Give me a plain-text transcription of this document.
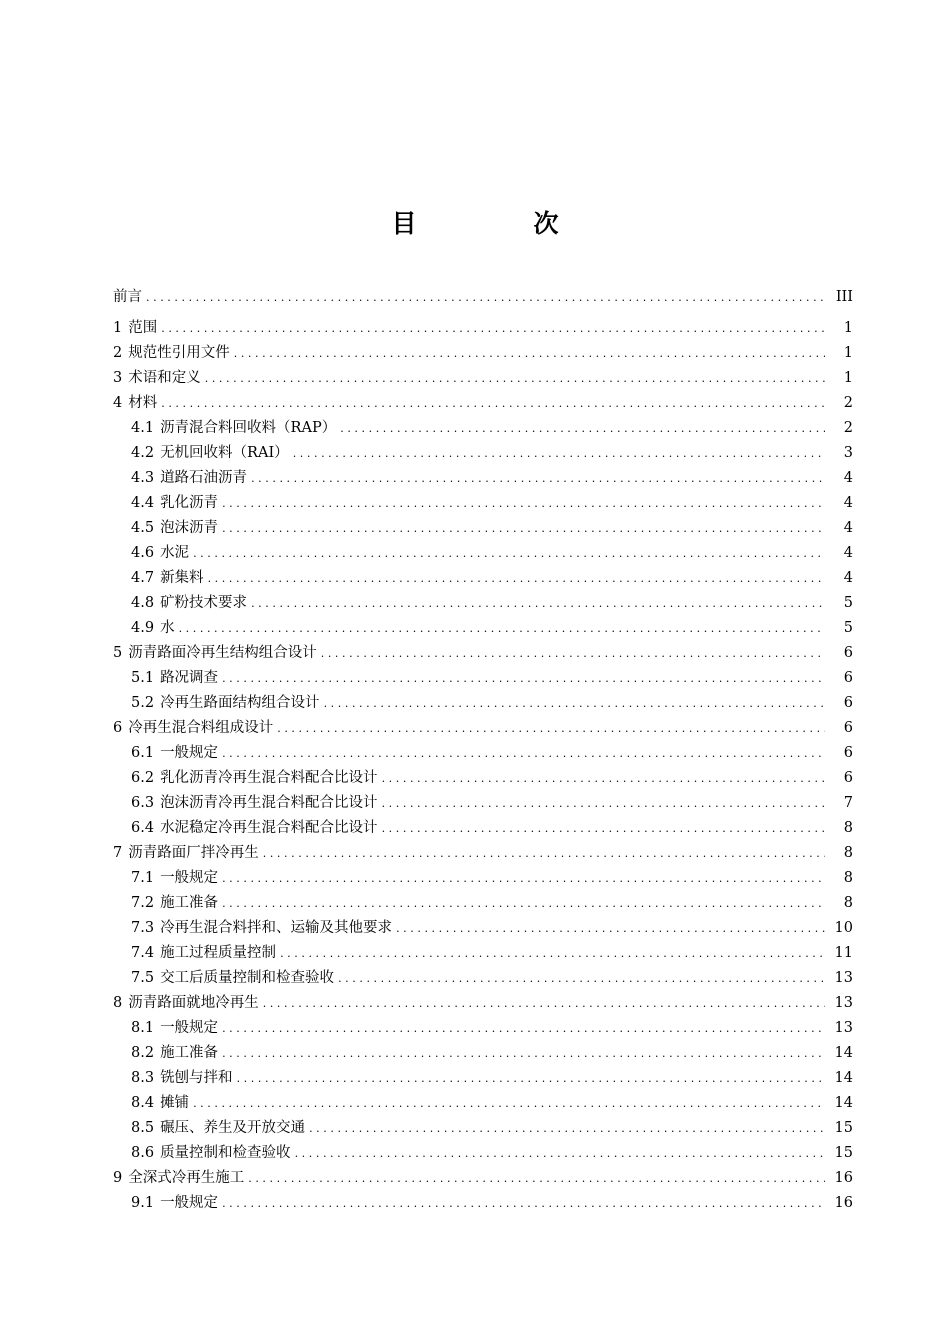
目　次
前言 .....	III
1 范围 .....	1
2 规范性引用文件 .....	1
3 术语和定义 .....	1
4 材料 .....	2
4.1 沥青混合料回收料（RAP） .....	2
4.2 无机回收料（RAI） .....	3
4.3 道路石油沥青 .....	4
4.4 乳化沥青 .....	4
4.5 泡沫沥青 .....	4
4.6 水泥 .....	4
4.7 新集料 .....	4
4.8 矿粉技术要求 .....	5
4.9 水 .....	5
5 沥青路面冷再生结构组合设计 .....	6
5.1 路况调查 .....	6
5.2 冷再生路面结构组合设计 .....	6
6 冷再生混合料组成设计 .....	6
6.1 一般规定 .....	6
6.2 乳化沥青冷再生混合料配合比设计 .....	6
6.3 泡沫沥青冷再生混合料配合比设计 .....	7
6.4 水泥稳定冷再生混合料配合比设计 .....	8
7 沥青路面厂拌冷再生 .....	8
7.1 一般规定 .....	8
7.2 施工准备 .....	8
7.3 冷再生混合料拌和、运输及其他要求 .....	10
7.4 施工过程质量控制 .....	11
7.5 交工后质量控制和检查验收 .....	13
8 沥青路面就地冷再生 .....	13
8.1 一般规定 .....	13
8.2 施工准备 .....	14
8.3 铣刨与拌和 .....	14
8.4 摊铺 .....	14
8.5 碾压、养生及开放交通 .....	15
8.6 质量控制和检查验收 .....	15
9 全深式冷再生施工 .....	16
9.1 一般规定 .....	16
